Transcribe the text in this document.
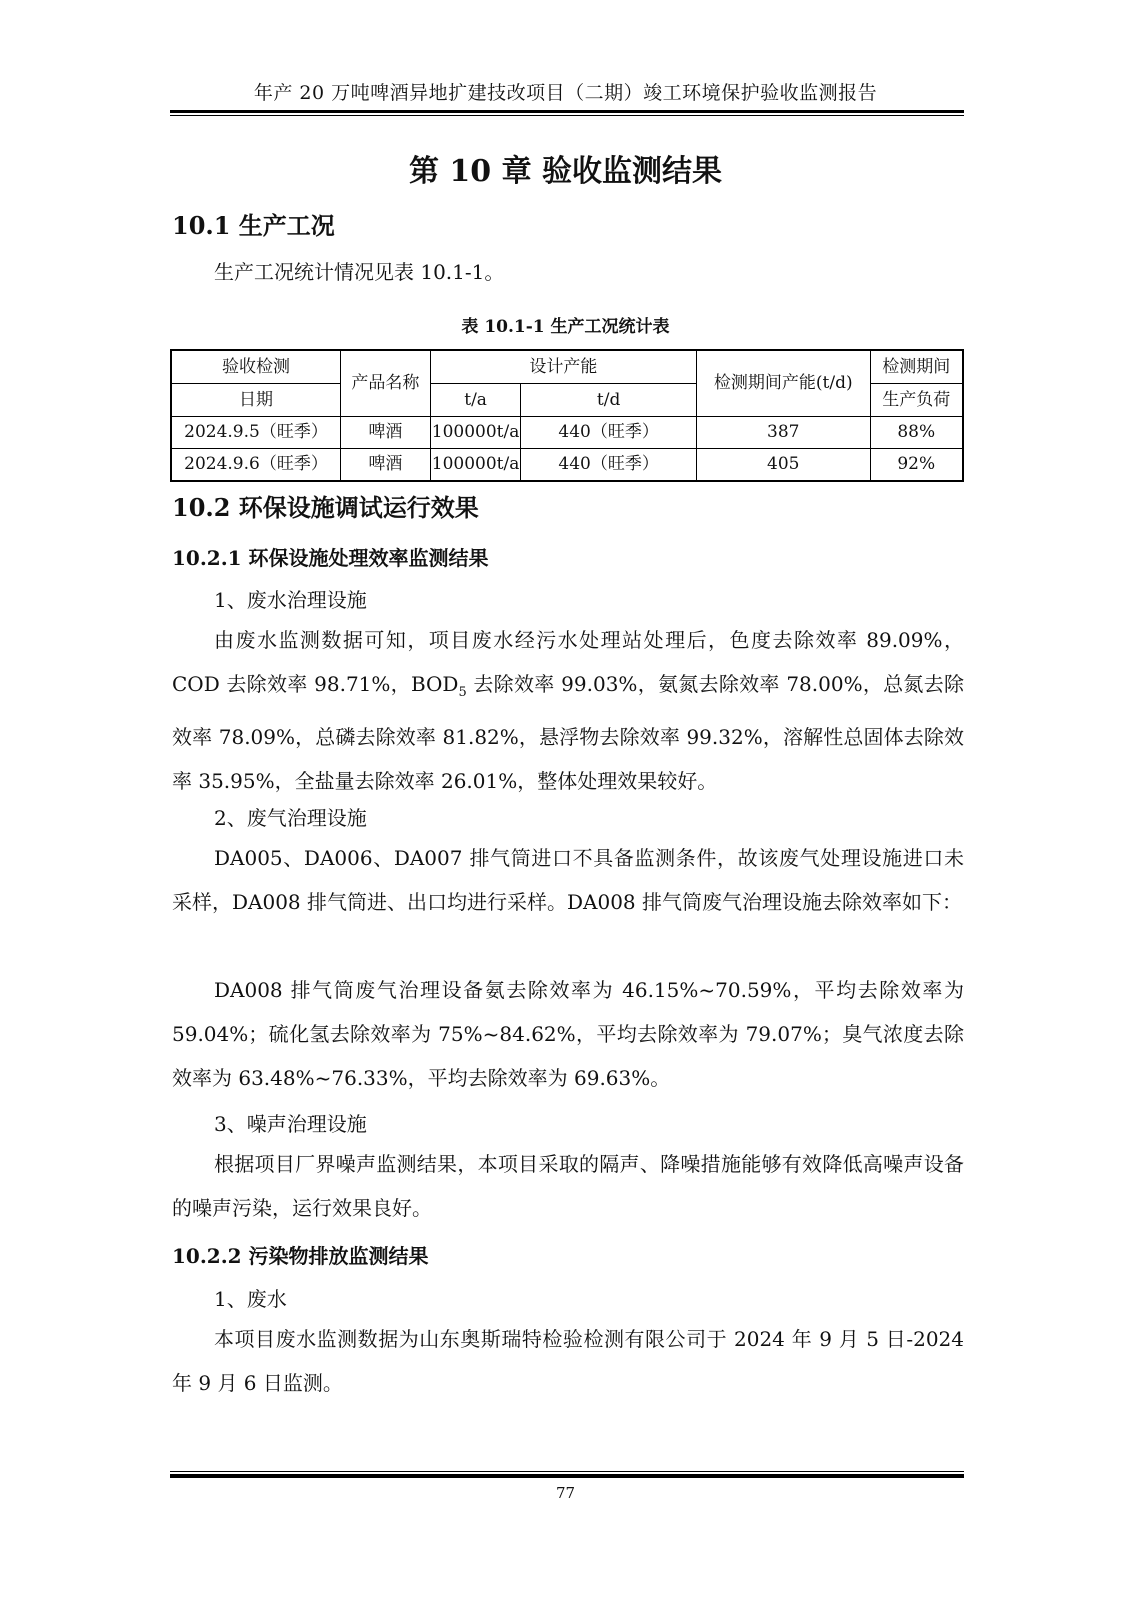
年产 20 万吨啤酒异地扩建技改项目（二期）竣工环境保护验收监测报告
第 10 章 验收监测结果
10.1 生产工况
生产工况统计情况见表 10.1-1。
表 10.1-1 生产工况统计表
验收检测	产品名称	设计产能		检测期间产能(t/d)	检测期间
日期		t/a	t/d		生产负荷
2024.9.5（旺季）	啤酒	100000t/a	440（旺季）	387	88%
2024.9.6（旺季）	啤酒	100000t/a	440（旺季）	405	92%
10.2 环保设施调试运行效果
10.2.1 环保设施处理效率监测结果
1、废水治理设施
由废水监测数据可知，项目废水经污水处理站处理后，色度去除效率 89.09%，COD 去除效率 98.71%，$BOD_5$ 去除效率 99.03%，氨氮去除效率 78.00%，总氮去除效率 78.09%，总磷去除效率 81.82%，悬浮物去除效率 99.32%，溶解性总固体去除效率 35.95%，全盐量去除效率 26.01%，整体处理效果较好。
2、废气治理设施
DA005、DA006、DA007 排气筒进口不具备监测条件，故该废气处理设施进口未采样，DA008 排气筒进、出口均进行采样。DA008 排气筒废气治理设施去除效率如下：
DA008 排气筒废气治理设备氨去除效率为 46.15%~70.59%，平均去除效率为 59.04%；硫化氢去除效率为 75%~84.62%，平均去除效率为 79.07%；臭气浓度去除效率为 63.48%~76.33%，平均去除效率为 69.63%。
3、噪声治理设施
根据项目厂界噪声监测结果，本项目采取的隔声、降噪措施能够有效降低高噪声设备的噪声污染，运行效果良好。
10.2.2 污染物排放监测结果
1、废水
本项目废水监测数据为山东奥斯瑞特检验检测有限公司于 2024 年 9 月 5 日-2024 年 9 月 6 日监测。
77
